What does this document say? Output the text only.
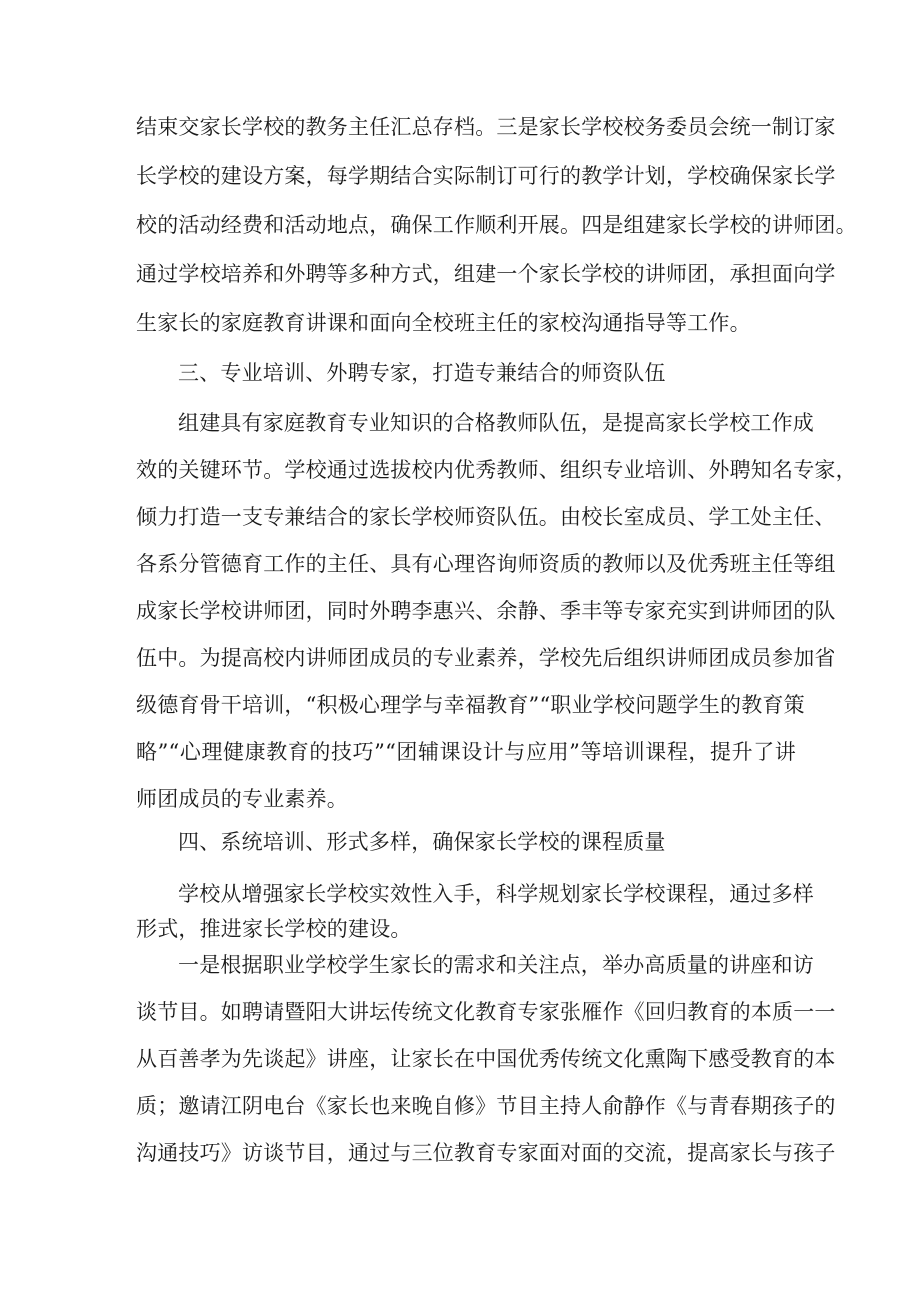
结束交家长学校的教务主任汇总存档。三是家长学校校务委员会统一制订家
长学校的建设方案，每学期结合实际制订可行的教学计划，学校确保家长学
校的活动经费和活动地点，确保工作顺利开展。四是组建家长学校的讲师团。
通过学校培养和外聘等多种方式，组建一个家长学校的讲师团，承担面向学
生家长的家庭教育讲课和面向全校班主任的家校沟通指导等工作。
三、专业培训、外聘专家，打造专兼结合的师资队伍
组建具有家庭教育专业知识的合格教师队伍，是提高家长学校工作成
效的关键环节。学校通过选拔校内优秀教师、组织专业培训、外聘知名专家，
倾力打造一支专兼结合的家长学校师资队伍。由校长室成员、学工处主任、
各系分管德育工作的主任、具有心理咨询师资质的教师以及优秀班主任等组
成家长学校讲师团，同时外聘李惠兴、余静、季丰等专家充实到讲师团的队
伍中。为提高校内讲师团成员的专业素养，学校先后组织讲师团成员参加省
级德育骨干培训，“积极心理学与幸福教育”“职业学校问题学生的教育策
略”“心理健康教育的技巧”“团辅课设计与应用”等培训课程，提升了讲
师团成员的专业素养。
四、系统培训、形式多样，确保家长学校的课程质量
学校从增强家长学校实效性入手，科学规划家长学校课程，通过多样
形式，推进家长学校的建设。
一是根据职业学校学生家长的需求和关注点，举办高质量的讲座和访
谈节目。如聘请暨阳大讲坛传统文化教育专家张雁作《回归教育的本质一一
从百善孝为先谈起》讲座，让家长在中国优秀传统文化熏陶下感受教育的本
质；邀请江阴电台《家长也来晚自修》节目主持人俞静作《与青春期孩子的
沟通技巧》访谈节目，通过与三位教育专家面对面的交流，提高家长与孩子
